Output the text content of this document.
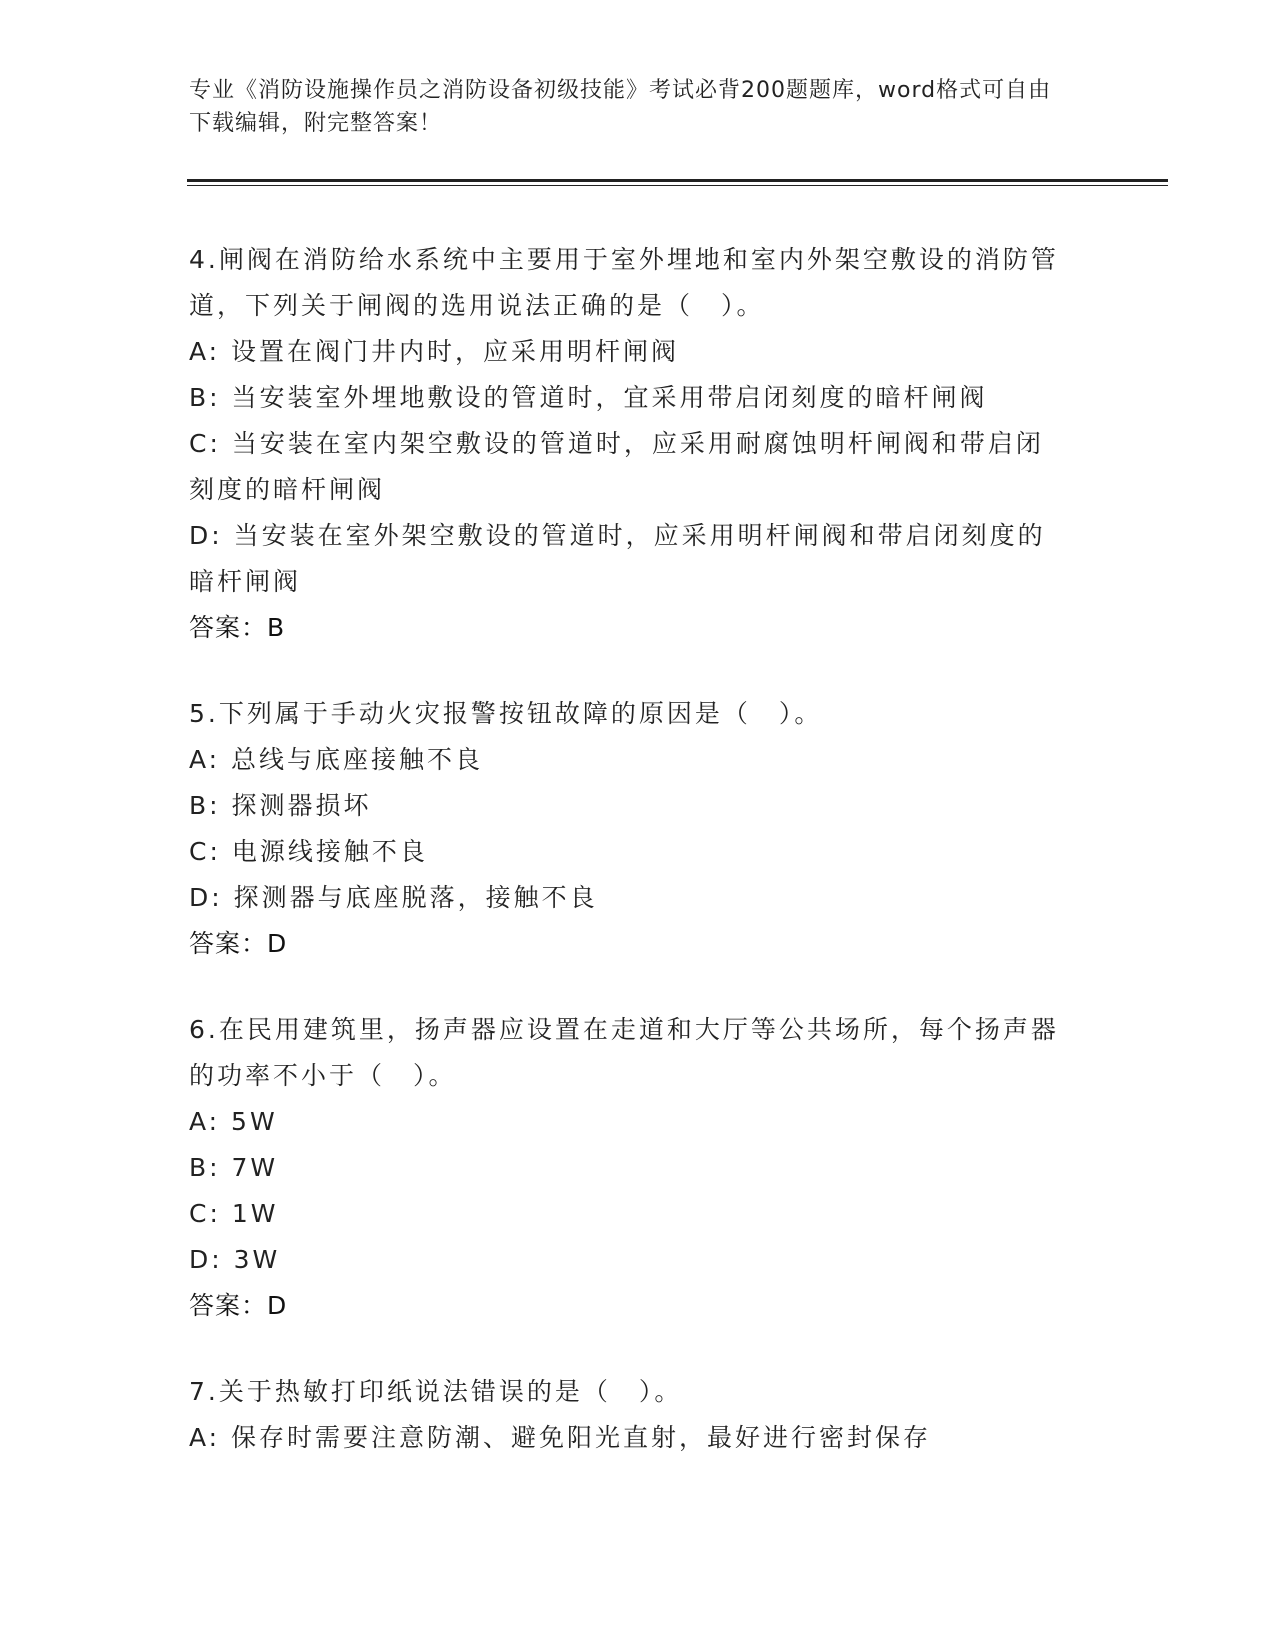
专业《消防设施操作员之消防设备初级技能》考试必背200题题库，word格式可自由下载编辑，附完整答案！
4.闸阀在消防给水系统中主要用于室外埋地和室内外架空敷设的消防管道，下列关于闸阀的选用说法正确的是（　）。
A: 设置在阀门井内时，应采用明杆闸阀
B: 当安装室外埋地敷设的管道时，宜采用带启闭刻度的暗杆闸阀
C: 当安装在室内架空敷设的管道时，应采用耐腐蚀明杆闸阀和带启闭刻度的暗杆闸阀
D: 当安装在室外架空敷设的管道时，应采用明杆闸阀和带启闭刻度的暗杆闸阀
答案：B
5.下列属于手动火灾报警按钮故障的原因是（　）。
A: 总线与底座接触不良
B: 探测器损坏
C: 电源线接触不良
D: 探测器与底座脱落，接触不良
答案：D
6.在民用建筑里，扬声器应设置在走道和大厅等公共场所，每个扬声器的功率不小于（　）。
A: 5W
B: 7W
C: 1W
D: 3W
答案：D
7.关于热敏打印纸说法错误的是（　）。
A: 保存时需要注意防潮、避免阳光直射，最好进行密封保存
